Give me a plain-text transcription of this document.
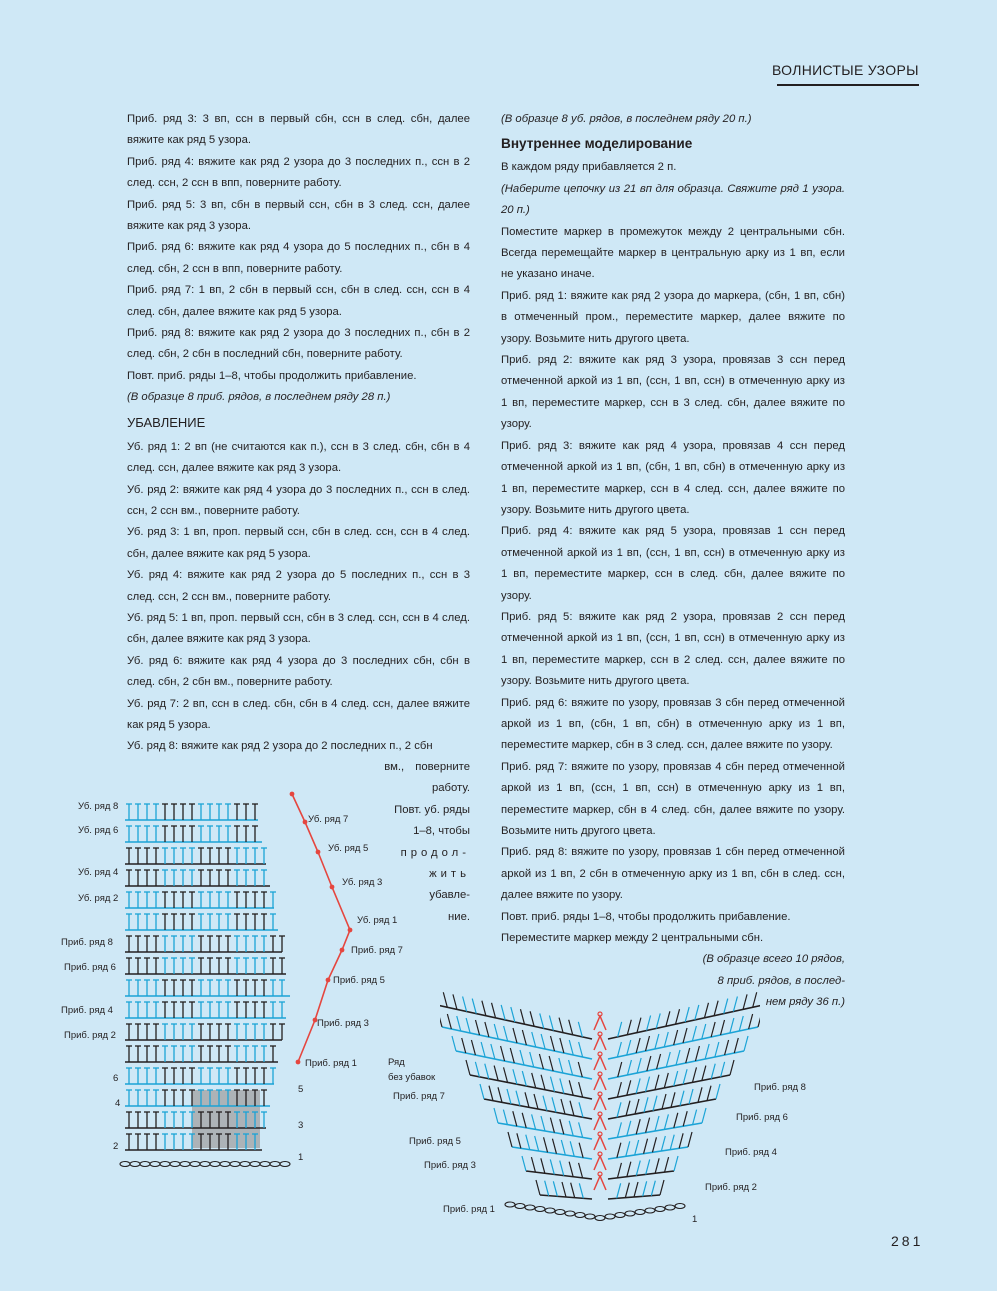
ВОЛНИСТЫЕ УЗОРЫ

Приб. ряд 3: 3 вп, ссн в первый сбн, ссн в след. сбн, далее вяжите как ряд 5 узора.

Приб. ряд 4: вяжите как ряд 2 узора до 3 последних п., ссн в 2 след. ссн, 2 ссн в впп, поверните работу.

Приб. ряд 5: 3 вп, сбн в первый ссн, сбн в 3 след. ссн, далее вяжите как ряд 3 узора.

Приб. ряд 6: вяжите как ряд 4 узора до 5 последних п., сбн в 4 след. сбн, 2 ссн в впп, поверните работу.

Приб. ряд 7: 1 вп, 2 сбн в первый ссн, сбн в след. ссн, ссн в 4 след. сбн, далее вяжите как ряд 5 узора.

Приб. ряд 8: вяжите как ряд 2 узора до 3 последних п., сбн в 2 след. сбн, 2 сбн в последний сбн, поверните работу.

Повт. приб. ряды 1–8, чтобы продолжить прибавление.

(В образце 8 приб. рядов, в последнем ряду 28 п.)

УБАВЛЕНИЕ

Уб. ряд 1: 2 вп (не считаются как п.), ссн в 3 след. сбн, сбн в 4 след. ссн, далее вяжите как ряд 3 узора.

Уб. ряд 2: вяжите как ряд 4 узора до 3 последних п., ссн в след. ссн, 2 ссн вм., поверните работу.

Уб. ряд 3: 1 вп, проп. первый ссн, сбн в след. ссн, ссн в 4 след. сбн, далее вяжите как ряд 5 узора.

Уб. ряд 4: вяжите как ряд 2 узора до 5 последних п., ссн в 3 след. ссн, 2 ссн вм., поверните работу.

Уб. ряд 5: 1 вп, проп. первый ссн, сбн в 3 след. ссн, ссн в 4 след. сбн, далее вяжите как ряд 3 узора.

Уб. ряд 6: вяжите как ряд 4 узора до 3 последних сбн, сбн в след. сбн, 2 сбн вм., поверните работу.

Уб. ряд 7: 2 вп, ссн в след. сбн, сбн в 4 след. ссн, далее вяжите как ряд 5 узора.

Уб. ряд 8: вяжите как ряд 2 узора до 2 последних п., 2 сбн

вм., поверните

работу.

Повт. уб. ряды

1–8, чтобы

продол-

жить

убавле-

ние.

(В образце 8 уб. рядов, в последнем ряду 20 п.)

Внутреннее моделирование

В каждом ряду прибавляется 2 п.

(Наберите цепочку из 21 вп для образца. Свяжите ряд 1 узора. 20 п.)

Поместите маркер в промежуток между 2 центральными сбн. Всегда перемещайте маркер в центральную арку из 1 вп, если не указано иначе.

Приб. ряд 1: вяжите как ряд 2 узора до маркера, (сбн, 1 вп, сбн) в отмеченный пром., переместите маркер, далее вяжите по узору. Возьмите нить другого цвета.

Приб. ряд 2: вяжите как ряд 3 узора, провязав 3 ссн перед отмеченной аркой из 1 вп, (ссн, 1 вп, ссн) в отмеченную арку из 1 вп, переместите маркер, ссн в 3 след. сбн, далее вяжите по узору.

Приб. ряд 3: вяжите как ряд 4 узора, провязав 4 ссн перед отмеченной аркой из 1 вп, (сбн, 1 вп, сбн) в отмеченную арку из 1 вп, переместите маркер, ссн в 4 след. ссн, далее вяжите по узору. Возьмите нить другого цвета.

Приб. ряд 4: вяжите как ряд 5 узора, провязав 1 ссн перед отмеченной аркой из 1 вп, (ссн, 1 вп, ссн) в отмеченную арку из 1 вп, переместите маркер, ссн в след. сбн, далее вяжите по узору.

Приб. ряд 5: вяжите как ряд 2 узора, провязав 2 ссн перед отмеченной аркой из 1 вп, (ссн, 1 вп, ссн) в отмеченную арку из 1 вп, переместите маркер, ссн в 2 след. ссн, далее вяжите по узору. Возьмите нить другого цвета.

Приб. ряд 6: вяжите по узору, провязав 3 сбн перед отмеченной аркой из 1 вп, (сбн, 1 вп, сбн) в отмеченную арку из 1 вп, переместите маркер, сбн в 3 след. ссн, далее вяжите по узору.

Приб. ряд 7: вяжите по узору, провязав 4 сбн перед отмеченной аркой из 1 вп, (ссн, 1 вп, ссн) в отмеченную арку из 1 вп, переместите маркер, сбн в 4 след. сбн, далее вяжите по узору. Возьмите нить другого цвета.

Приб. ряд 8: вяжите по узору, провязав 1 сбн перед отмеченной аркой из 1 вп, 2 сбн в отмеченную арку из 1 вп, сбн в след. ссн, далее вяжите по узору.

Повт. приб. ряды 1–8, чтобы продолжить прибавление.

Переместите маркер между 2 центральными сбн.

(В образце всего 10 рядов,

8 приб. рядов, в послед-

нем ряду 36 п.)

Уб. ряд 8
Уб. ряд 6
Уб. ряд 4
Уб. ряд 2
Приб. ряд 8
Приб. ряд 6
Приб. ряд 4
Приб. ряд 2
6
4
2
Уб. ряд 7
Уб. ряд 5
Уб. ряд 3
Уб. ряд 1
Приб. ряд 7
Приб. ряд 5
Приб. ряд 3
Приб. ряд 1
5
3
1
Ряд
без убавок
Приб. ряд 7
Приб. ряд 5
Приб. ряд 3
Приб. ряд 1
Приб. ряд 8
Приб. ряд 6
Приб. ряд 4
Приб. ряд 2
1
281
